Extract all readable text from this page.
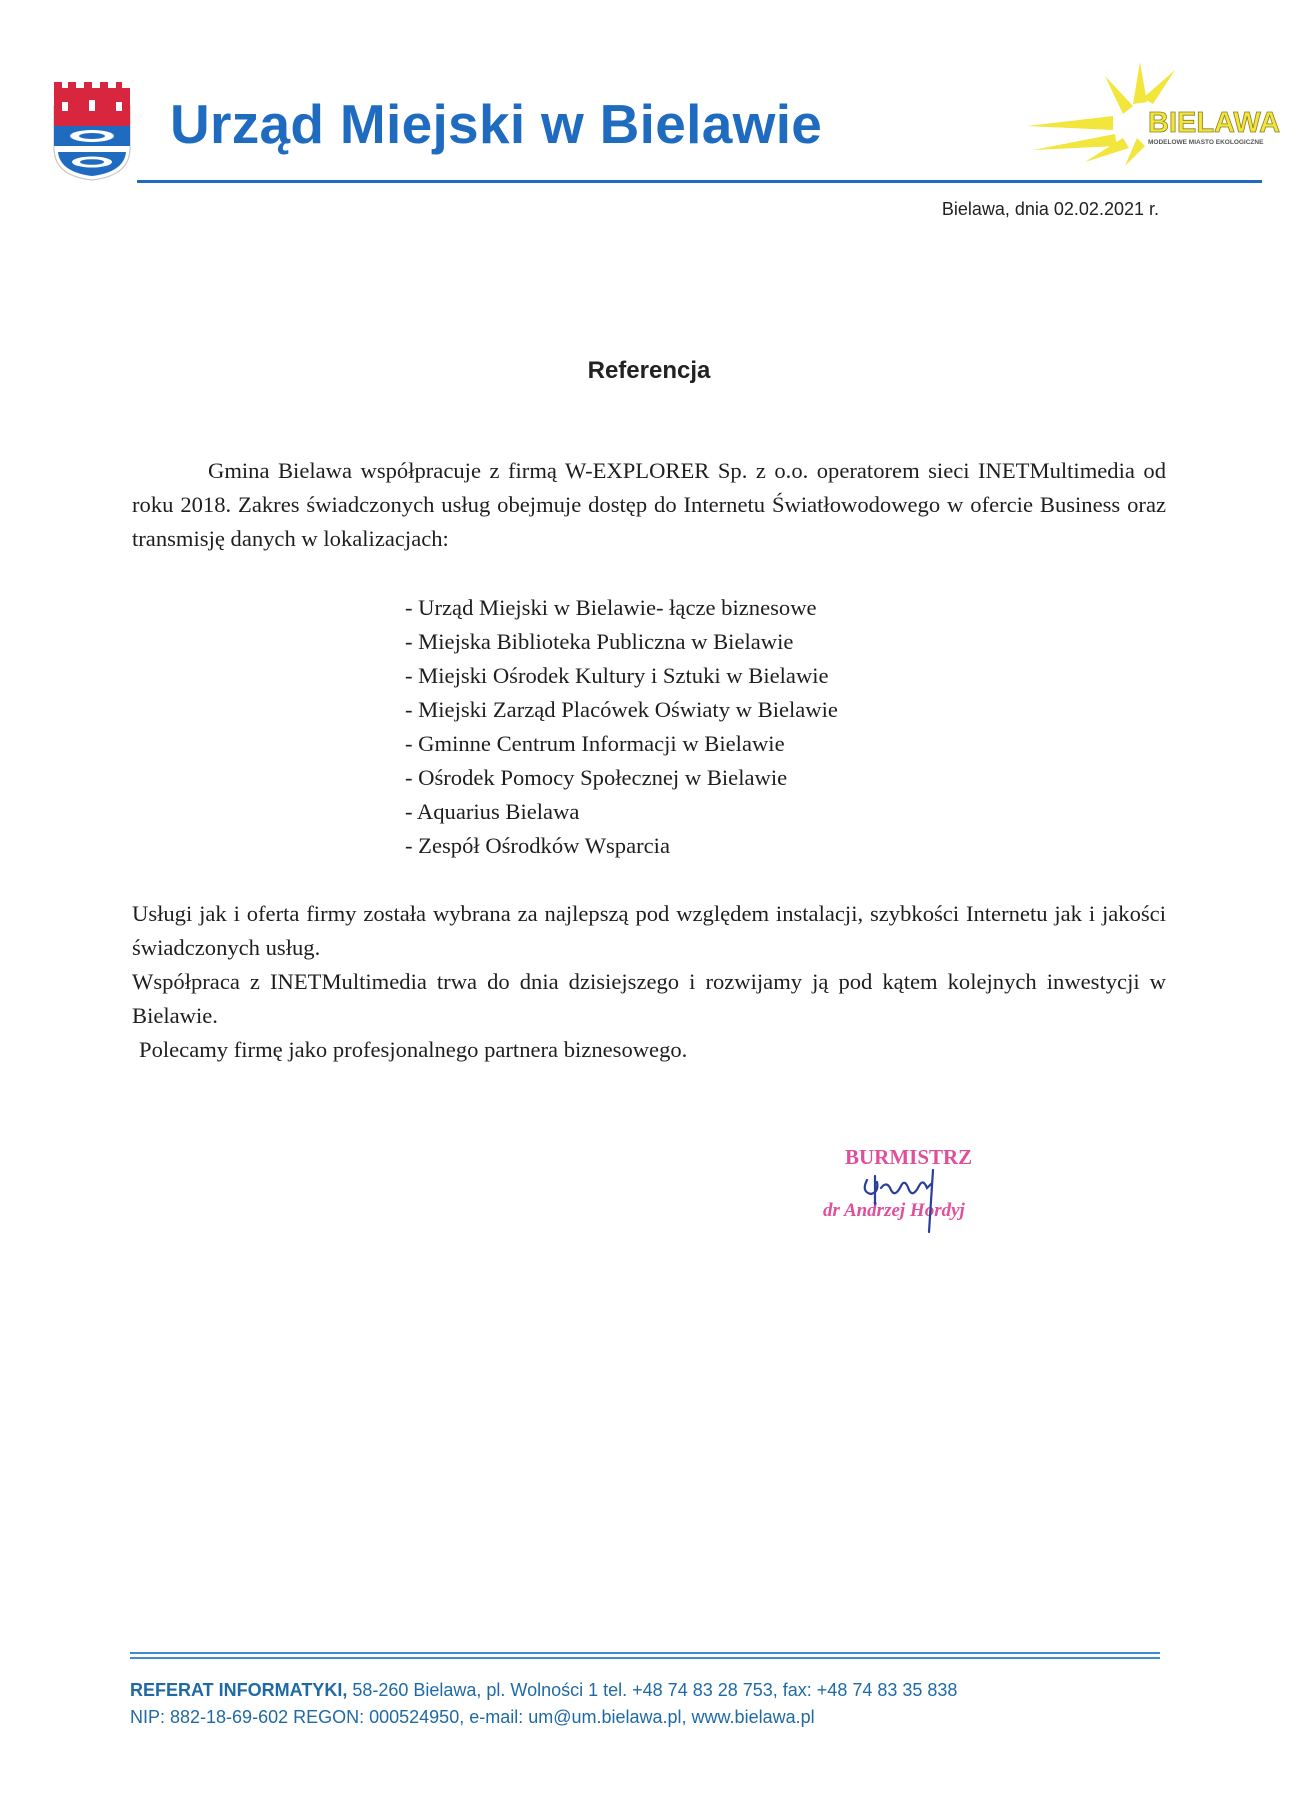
Urząd Miejski w Bielawie	BIELAWA
MODELOWE MIASTO EKOLOGICZNE
Bielawa, dnia 02.02.2021 r.
Referencja

Gmina Bielawa współpracuje z firmą W-EXPLORER Sp. z o.o. operatorem sieci INETMultimedia od roku 2018. Zakres świadczonych usług obejmuje dostęp do Internetu Światłowodowego w ofercie Business oraz transmisję danych w lokalizacjach:

- Urząd Miejski w Bielawie- łącze biznesowe
- Miejska Biblioteka Publiczna w Bielawie
- Miejski Ośrodek Kultury i Sztuki w Bielawie
- Miejski Zarząd Placówek Oświaty w Bielawie
- Gminne Centrum Informacji w Bielawie
- Ośrodek Pomocy Społecznej w Bielawie
- Aquarius Bielawa
- Zespół Ośrodków Wsparcia

Usługi jak i oferta firmy została wybrana za najlepszą pod względem instalacji, szybkości Internetu jak i jakości świadczonych usług.

Współpraca z INETMultimedia trwa do dnia dzisiejszego i rozwijamy ją pod kątem kolejnych inwestycji w Bielawie.

Polecamy firmę jako profesjonalnego partnera biznesowego.

BURMISTRZ
dr Andrzej Hordyj
REFERAT INFORMATYKI, 58-260 Bielawa, pl. Wolności 1 tel. +48 74 83 28 753, fax: +48 74 83 35 838
NIP: 882-18-69-602 REGON: 000524950, e-mail: um@um.bielawa.pl, www.bielawa.pl
